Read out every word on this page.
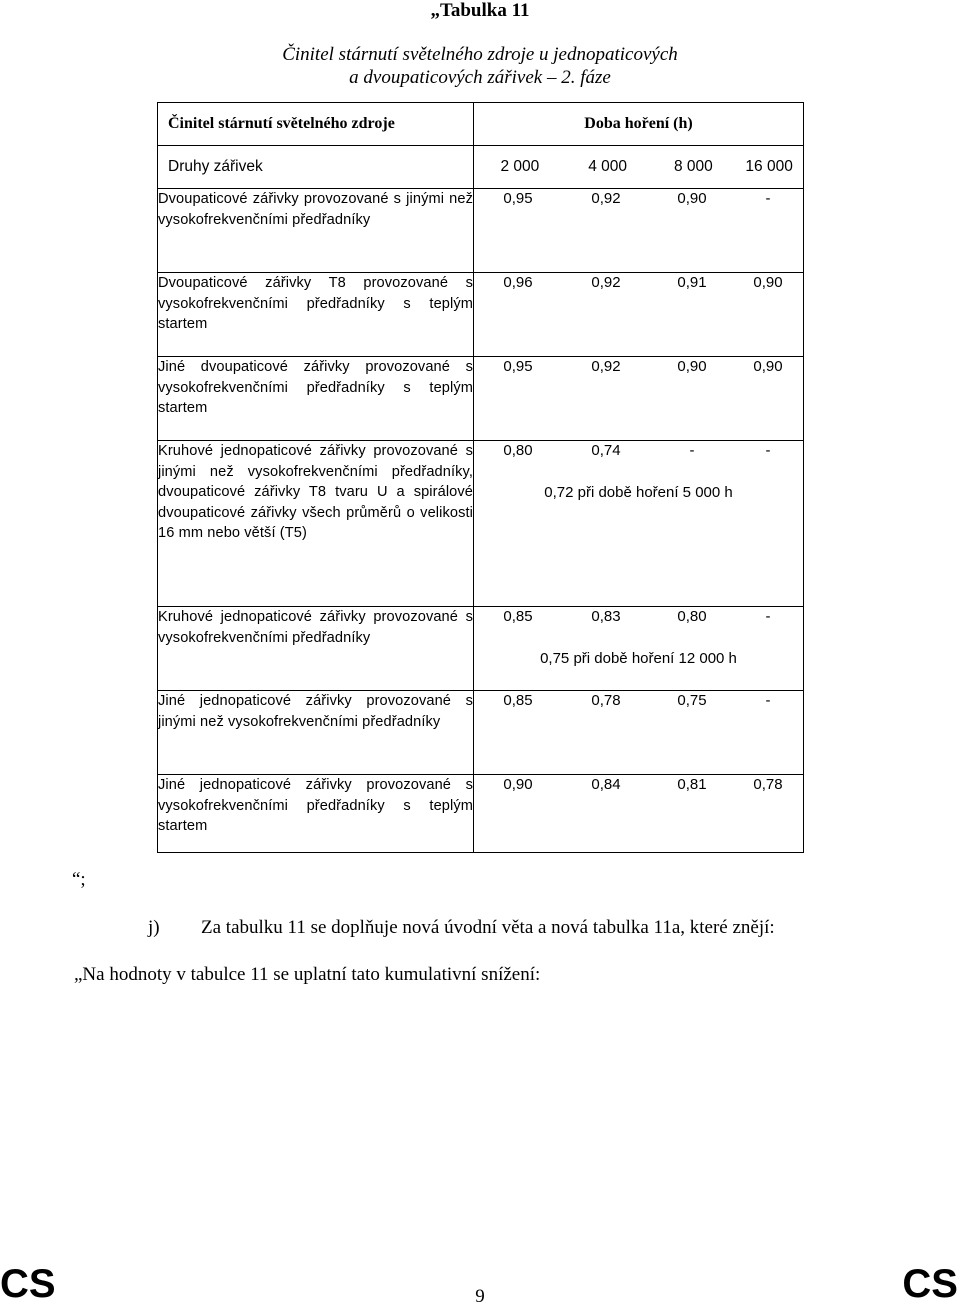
„Tabulka 11
Činitel stárnutí světelného zdroje u jednopaticových
a dvoupaticových zářivek – 2. fáze
Činitel stárnutí světelného zdroje	Doba hoření (h)
Druhy zářivek	2 000 4 000 8 000 16 000

Dvoupaticové zářivky provozované s jinými než vysokofrekvenčními předřadníky	0,95 0,92 0,90 -

Dvoupaticové zářivky T8 provozované s vysokofrekvenčními předřadníky s teplým startem	0,96 0,92 0,91 0,90

Jiné dvoupaticové zářivky provozované s vysokofrekvenčními předřadníky s teplým startem	0,95 0,92 0,90 0,90

Kruhové jednopaticové zářivky provozované s jinými než vysokofrekvenčními předřadníky, dvoupaticové zářivky T8 tvaru U a spirálové dvoupaticové zářivky všech průměrů o velikosti 16 mm nebo větší (T5)	0,80 0,74 - -
0,72 při době hoření 5 000 h

Kruhové jednopaticové zářivky provozované s vysokofrekvenčními předřadníky	0,85 0,83 0,80 -
0,75 při době hoření 12 000 h

Jiné jednopaticové zářivky provozované s jinými než vysokofrekvenčními předřadníky	0,85 0,78 0,75 -

Jiné jednopaticové zářivky provozované s vysokofrekvenčními předřadníky s teplým startem	0,90 0,84 0,81 0,78
“;
j) Za tabulku 11 se doplňuje nová úvodní věta a nová tabulka 11a, které znějí:
„Na hodnoty v tabulce 11 se uplatní tato kumulativní snížení:
CS	CS
9
